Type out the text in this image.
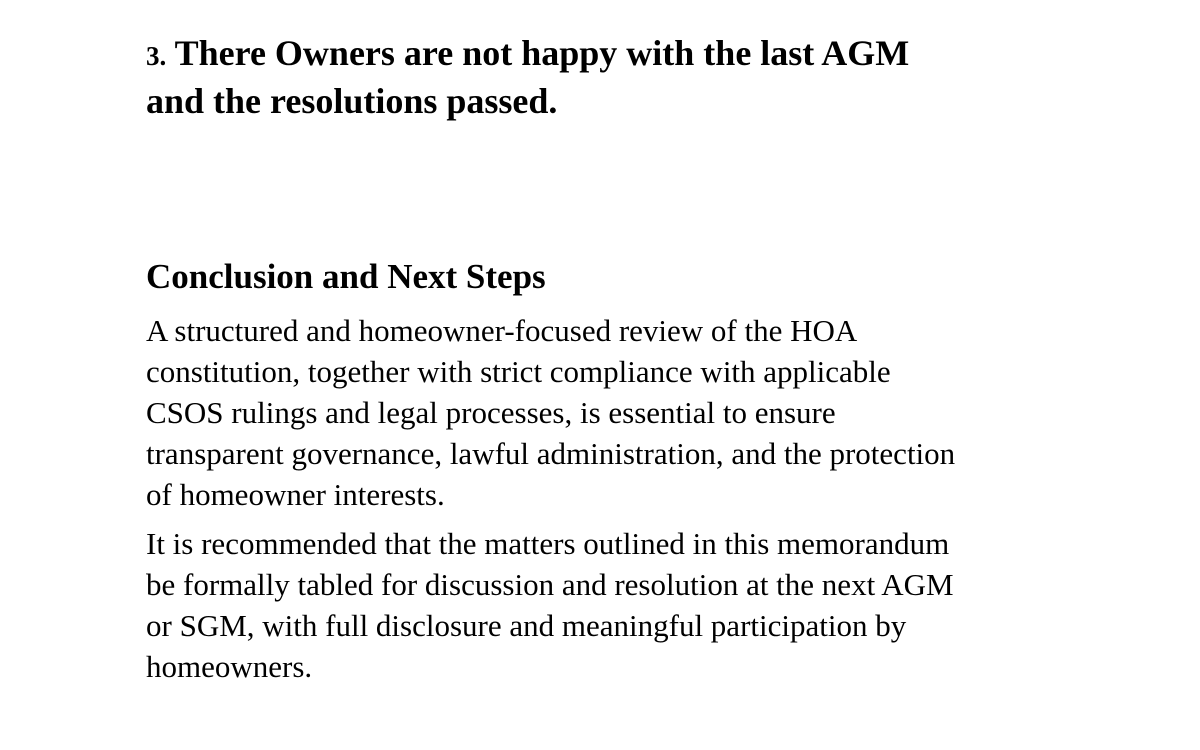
3. There Owners are not happy with the last AGM
and the resolutions passed.
Conclusion and Next Steps

A structured and homeowner-focused review of the HOA
constitution, together with strict compliance with applicable
CSOS rulings and legal processes, is essential to ensure
transparent governance, lawful administration, and the protection
of homeowner interests.

It is recommended that the matters outlined in this memorandum
be formally tabled for discussion and resolution at the next AGM
or SGM, with full disclosure and meaningful participation by
homeowners.
